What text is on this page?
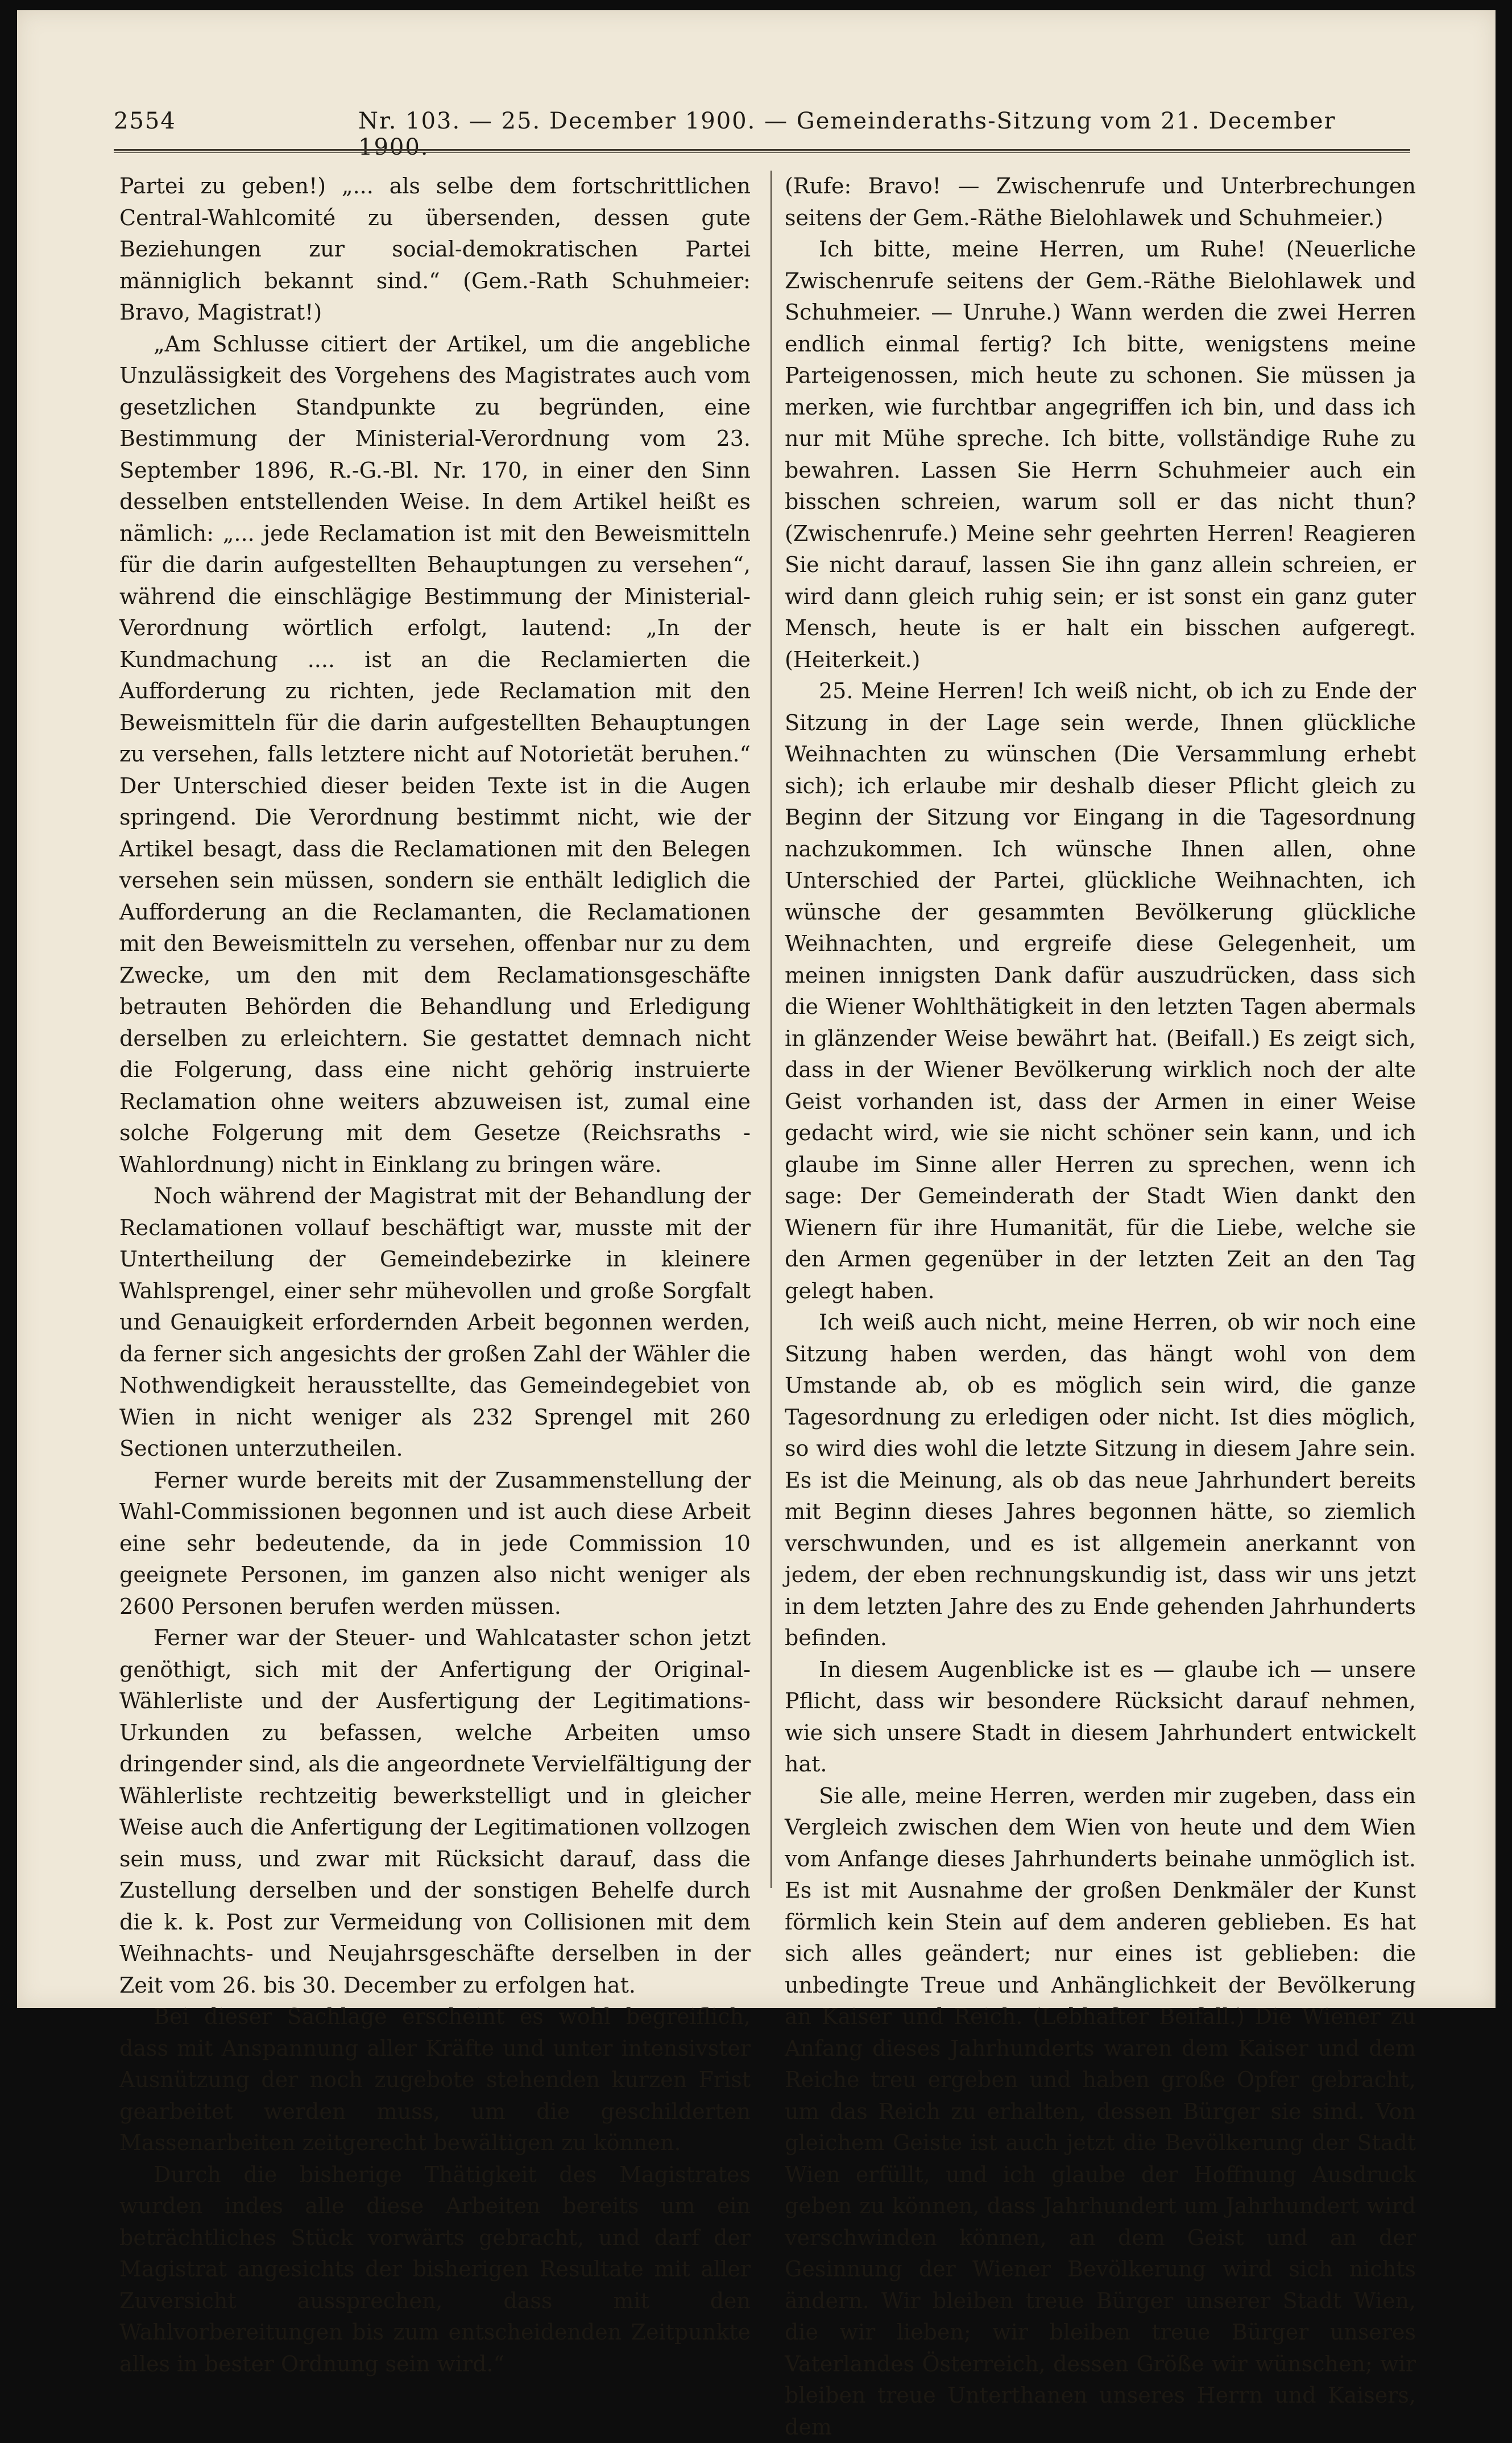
2554	Nr. 103. — 25. December 1900. — Gemeinderaths-Sitzung vom 21. December 1900.

Partei zu geben!) „... als selbe dem fortschrittlichen Central-Wahlcomité zu übersenden, dessen gute Beziehungen zur social-demokratischen Partei männiglich bekannt sind.“ (Gem.-Rath Schuhmeier: Bravo, Magistrat!)

„Am Schlusse citiert der Artikel, um die angebliche Unzulässigkeit des Vorgehens des Magistrates auch vom gesetzlichen Standpunkte zu begründen, eine Bestimmung der Ministerial-Verordnung vom 23. September 1896, R.-G.-Bl. Nr. 170, in einer den Sinn desselben entstellenden Weise. In dem Artikel heißt es nämlich: „... jede Reclamation ist mit den Beweismitteln für die darin aufgestellten Behauptungen zu versehen“, während die einschlägige Bestimmung der Ministerial-Verordnung wörtlich erfolgt, lautend: „In der Kundmachung .... ist an die Reclamierten die Aufforderung zu richten, jede Reclamation mit den Beweismitteln für die darin aufgestellten Behauptungen zu versehen, falls letztere nicht auf Notorietät beruhen.“ Der Unterschied dieser beiden Texte ist in die Augen springend. Die Verordnung bestimmt nicht, wie der Artikel besagt, dass die Reclamationen mit den Belegen versehen sein müssen, sondern sie enthält lediglich die Aufforderung an die Reclamanten, die Reclamationen mit den Beweismitteln zu versehen, offenbar nur zu dem Zwecke, um den mit dem Reclamationsgeschäfte betrauten Behörden die Behandlung und Erledigung derselben zu erleichtern. Sie gestattet demnach nicht die Folgerung, dass eine nicht gehörig instruierte Reclamation ohne weiters abzuweisen ist, zumal eine solche Folgerung mit dem Gesetze (Reichsraths - Wahlordnung) nicht in Einklang zu bringen wäre.

Noch während der Magistrat mit der Behandlung der Reclamationen vollauf beschäftigt war, musste mit der Untertheilung der Gemeindebezirke in kleinere Wahlsprengel, einer sehr mühevollen und große Sorgfalt und Genauigkeit erfordernden Arbeit begonnen werden, da ferner sich angesichts der großen Zahl der Wähler die Nothwendigkeit herausstellte, das Gemeindegebiet von Wien in nicht weniger als 232 Sprengel mit 260 Sectionen unterzutheilen.

Ferner wurde bereits mit der Zusammenstellung der Wahl-Commissionen begonnen und ist auch diese Arbeit eine sehr bedeutende, da in jede Commission 10 geeignete Personen, im ganzen also nicht weniger als 2600 Personen berufen werden müssen.

Ferner war der Steuer- und Wahlcataster schon jetzt genöthigt, sich mit der Anfertigung der Original-Wählerliste und der Ausfertigung der Legitimations-Urkunden zu befassen, welche Arbeiten umso dringender sind, als die angeordnete Vervielfältigung der Wählerliste rechtzeitig bewerkstelligt und in gleicher Weise auch die Anfertigung der Legitimationen vollzogen sein muss, und zwar mit Rücksicht darauf, dass die Zustellung derselben und der sonstigen Behelfe durch die k. k. Post zur Vermeidung von Collisionen mit dem Weihnachts- und Neujahrsgeschäfte derselben in der Zeit vom 26. bis 30. December zu erfolgen hat.

Bei dieser Sachlage erscheint es wohl begreiflich, dass mit Anspannung aller Kräfte und unter intensivster Ausnützung der noch zugebote stehenden kurzen Frist gearbeitet werden muss, um die geschilderten Massenarbeiten zeitgerecht bewältigen zu können.

Durch die bisherige Thätigkeit des Magistrates wurden indes alle diese Arbeiten bereits um ein beträchtliches Stück vorwärts gebracht, und darf der Magistrat angesichts der bisherigen Resultate mit aller Zuversicht aussprechen, dass mit den Wahlvorbereitungen bis zum entscheidenden Zeitpunkte alles in bester Ordnung sein wird.“

(Rufe: Bravo! — Zwischenrufe und Unterbrechungen seitens der Gem.-Räthe Bielohlawek und Schuhmeier.)

Ich bitte, meine Herren, um Ruhe! (Neuerliche Zwischenrufe seitens der Gem.-Räthe Bielohlawek und Schuhmeier. — Unruhe.) Wann werden die zwei Herren endlich einmal fertig? Ich bitte, wenigstens meine Parteigenossen, mich heute zu schonen. Sie müssen ja merken, wie furchtbar angegriffen ich bin, und dass ich nur mit Mühe spreche. Ich bitte, vollständige Ruhe zu bewahren. Lassen Sie Herrn Schuhmeier auch ein bisschen schreien, warum soll er das nicht thun? (Zwischenrufe.) Meine sehr geehrten Herren! Reagieren Sie nicht darauf, lassen Sie ihn ganz allein schreien, er wird dann gleich ruhig sein; er ist sonst ein ganz guter Mensch, heute is er halt ein bisschen aufgeregt. (Heiterkeit.)

25. Meine Herren! Ich weiß nicht, ob ich zu Ende der Sitzung in der Lage sein werde, Ihnen glückliche Weihnachten zu wünschen (Die Versammlung erhebt sich); ich erlaube mir deshalb dieser Pflicht gleich zu Beginn der Sitzung vor Eingang in die Tagesordnung nachzukommen. Ich wünsche Ihnen allen, ohne Unterschied der Partei, glückliche Weihnachten, ich wünsche der gesammten Bevölkerung glückliche Weihnachten, und ergreife diese Gelegenheit, um meinen innigsten Dank dafür auszudrücken, dass sich die Wiener Wohlthätigkeit in den letzten Tagen abermals in glänzender Weise bewährt hat. (Beifall.) Es zeigt sich, dass in der Wiener Bevölkerung wirklich noch der alte Geist vorhanden ist, dass der Armen in einer Weise gedacht wird, wie sie nicht schöner sein kann, und ich glaube im Sinne aller Herren zu sprechen, wenn ich sage: Der Gemeinderath der Stadt Wien dankt den Wienern für ihre Humanität, für die Liebe, welche sie den Armen gegenüber in der letzten Zeit an den Tag gelegt haben.

Ich weiß auch nicht, meine Herren, ob wir noch eine Sitzung haben werden, das hängt wohl von dem Umstande ab, ob es möglich sein wird, die ganze Tagesordnung zu erledigen oder nicht. Ist dies möglich, so wird dies wohl die letzte Sitzung in diesem Jahre sein. Es ist die Meinung, als ob das neue Jahrhundert bereits mit Beginn dieses Jahres begonnen hätte, so ziemlich verschwunden, und es ist allgemein anerkannt von jedem, der eben rechnungskundig ist, dass wir uns jetzt in dem letzten Jahre des zu Ende gehenden Jahrhunderts befinden.

In diesem Augenblicke ist es — glaube ich — unsere Pflicht, dass wir besondere Rücksicht darauf nehmen, wie sich unsere Stadt in diesem Jahrhundert entwickelt hat.

Sie alle, meine Herren, werden mir zugeben, dass ein Vergleich zwischen dem Wien von heute und dem Wien vom Anfange dieses Jahrhunderts beinahe unmöglich ist. Es ist mit Ausnahme der großen Denkmäler der Kunst förmlich kein Stein auf dem anderen geblieben. Es hat sich alles geändert; nur eines ist geblieben: die unbedingte Treue und Anhänglichkeit der Bevölkerung an Kaiser und Reich. (Lebhafter Beifall.) Die Wiener zu Anfang dieses Jahrhunderts waren dem Kaiser und dem Reiche treu ergeben und haben große Opfer gebracht, um das Reich zu erhalten, dessen Bürger sie sind. Von gleichem Geiste ist auch jetzt die Bevölkerung der Stadt Wien erfüllt, und ich glaube der Hoffnung Ausdruck geben zu können, dass Jahrhundert um Jahrhundert wird verschwinden können, an dem Geist und an der Gesinnung der Wiener Bevölkerung wird sich nichts ändern. Wir bleiben treue Bürger unserer Stadt Wien, die wir lieben; wir bleiben treue Bürger unseres Vaterlandes Österreich, dessen Größe wir wünschen; wir bleiben treue Unterthanen unseres Herrn und Kaisers, dem
